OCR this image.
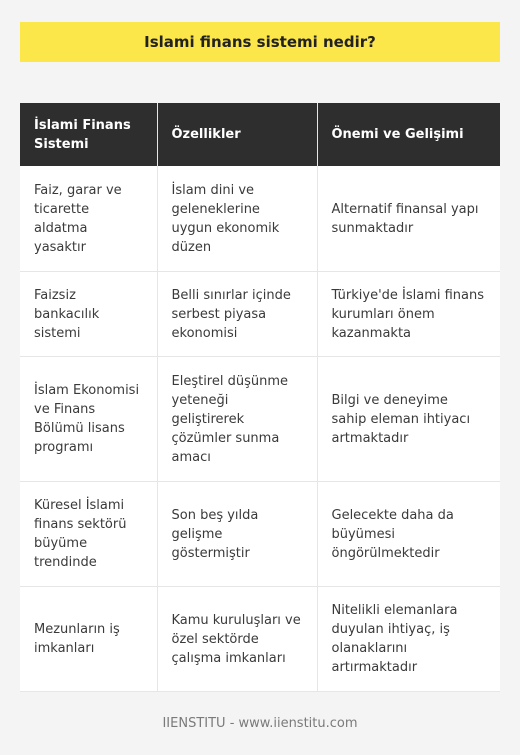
Islami finans sistemi nedir?
İslami Finans Sistemi	Özellikler	Önemi ve Gelişimi
Faiz, garar ve ticarette aldatma yasaktır	İslam dini ve geleneklerine uygun ekonomik düzen	Alternatif finansal yapı sunmaktadır
Faizsiz bankacılık sistemi	Belli sınırlar içinde serbest piyasa ekonomisi	Türkiye'de İslami finans kurumları önem kazanmakta
İslam Ekonomisi ve Finans Bölümü lisans programı	Eleştirel düşünme yeteneği geliştirerek çözümler sunma amacı	Bilgi ve deneyime sahip eleman ihtiyacı artmaktadır
Küresel İslami finans sektörü büyüme trendinde	Son beş yılda gelişme göstermiştir	Gelecekte daha da büyümesi öngörülmektedir
Mezunların iş imkanları	Kamu kuruluşları ve özel sektörde çalışma imkanları	Nitelikli elemanlara duyulan ihtiyaç, iş olanaklarını artırmaktadır
IIENSTITU - www.iienstitu.com
